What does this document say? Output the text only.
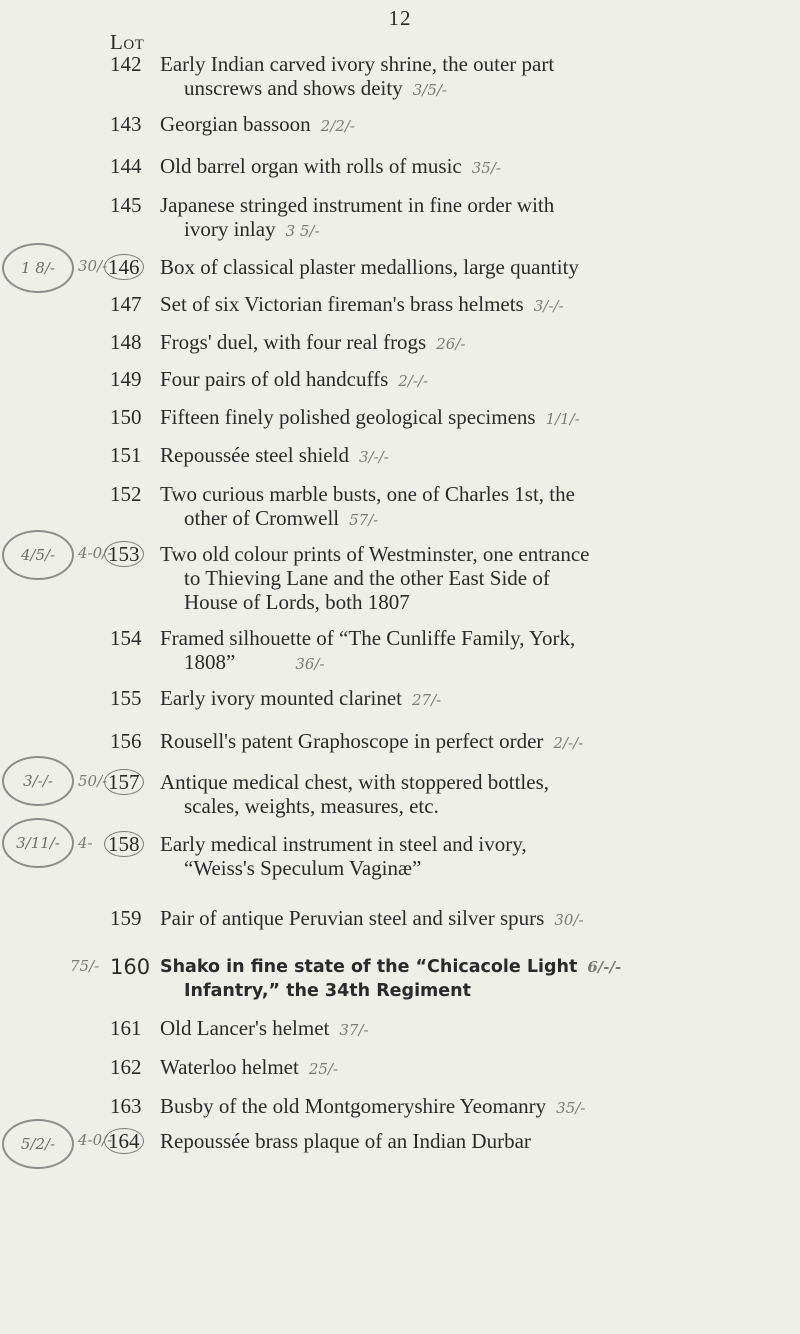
12
Lot
142 Early Indian carved ivory shrine, the outer part
unscrews and shows deity 3/5/-
143 Georgian bassoon 2/2/-
144 Old barrel organ with rolls of music 35/-
145 Japanese stringed instrument in fine order with
ivory inlay 3 5/-
1 8/- 30/- 146 Box of classical plaster medallions, large quantity
147 Set of six Victorian fireman's brass helmets 3/-/-
148 Frogs' duel, with four real frogs 26/-
149 Four pairs of old handcuffs 2/-/-
150 Fifteen finely polished geological specimens 1/1/-
151 Repoussée steel shield 3/-/-
152 Two curious marble busts, one of Charles 1st, the
other of Cromwell 57/-
4/5/- 4-0/-
153 Two old colour prints of Westminster, one entrance
to Thieving Lane and the other East Side of
House of Lords, both 1807
154 Framed silhouette of “The Cunliffe Family, York,
1808”	36/-
155 Early ivory mounted clarinet 27/-
156 Rousell's patent Graphoscope in perfect order 2/-/-
3/-/- 50/- 157 Antique medical chest, with stoppered bottles,
scales, weights, measures, etc.
3/11/- 4- 158 Early medical instrument in steel and ivory,
“Weiss's Speculum Vaginæ”
159 Pair of antique Peruvian steel and silver spurs 30/-
75/- 160 Shako in fine state of the “Chicacole Light 6/-/-
Infantry,” the 34th Regiment
161 Old Lancer's helmet 37/-
162 Waterloo helmet 25/-
163 Busby of the old Montgomeryshire Yeomanry 35/-
5/2/- 4-0/-
164 Repoussée brass plaque of an Indian Durbar
